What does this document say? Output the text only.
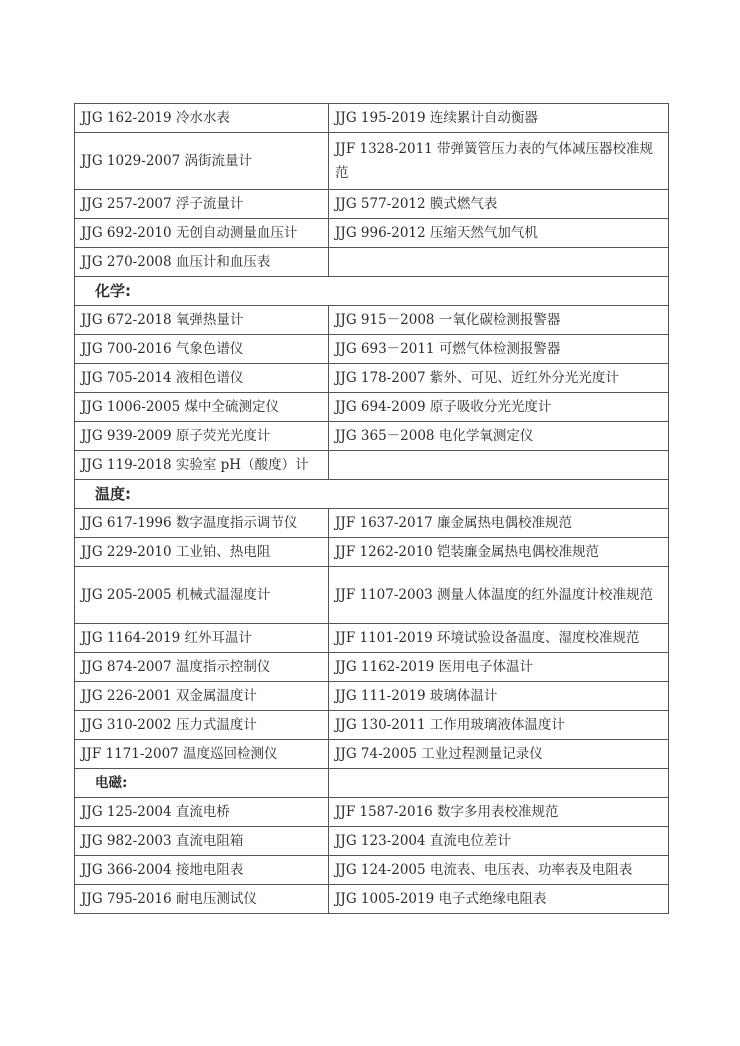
JJG 162-2019 冷水水表	JJG 195-2019 连续累计自动衡器
JJG 1029-2007 涡街流量计	JJF 1328-2011 带弹簧管压力表的气体减压器校准规范
JJG 257-2007 浮子流量计	JJG 577-2012 膜式燃气表
JJG 692-2010 无创自动测量血压计	JJG 996-2012 压缩天然气加气机
JJG 270-2008 血压计和血压表	
化学:	
JJG 672-2018 氧弹热量计	JJG 915－2008 一氧化碳检测报警器
JJG 700-2016 气象色谱仪	JJG 693－2011 可燃气体检测报警器
JJG 705-2014 液相色谱仪	JJG 178-2007 紫外、可见、近红外分光光度计
JJG 1006-2005 煤中全硫测定仪	JJG 694-2009 原子吸收分光光度计
JJG 939-2009 原子荧光光度计	JJG 365－2008 电化学氧测定仪
JJG 119-2018 实验室 pH（酸度）计	
温度:	
JJG 617-1996 数字温度指示调节仪	JJF 1637-2017 廉金属热电偶校准规范
JJG 229-2010 工业铂、热电阻	JJF 1262-2010 铠装廉金属热电偶校准规范
JJG 205-2005 机械式温湿度计	JJF 1107-2003 测量人体温度的红外温度计校准规范
JJG 1164-2019 红外耳温计	JJF 1101-2019 环境试验设备温度、湿度校准规范
JJG 874-2007 温度指示控制仪	JJG 1162-2019 医用电子体温计
JJG 226-2001 双金属温度计	JJG 111-2019 玻璃体温计
JJG 310-2002 压力式温度计	JJG 130-2011 工作用玻璃液体温度计
JJF 1171-2007 温度巡回检测仪	JJG 74-2005 工业过程测量记录仪
电磁:	
JJG 125-2004 直流电桥	JJF 1587-2016 数字多用表校准规范
JJG 982-2003 直流电阻箱	JJG 123-2004 直流电位差计
JJG 366-2004 接地电阻表	JJG 124-2005 电流表、电压表、功率表及电阻表
JJG 795-2016 耐电压测试仪	JJG 1005-2019 电子式绝缘电阻表
